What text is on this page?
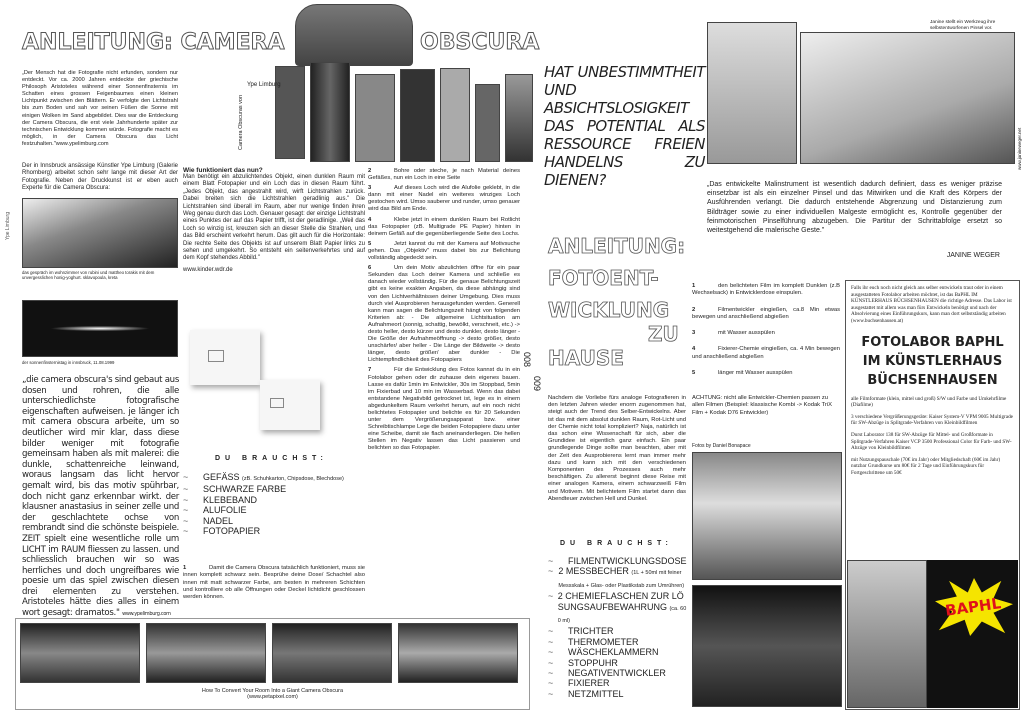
ANLEITUNG: CAMERA	OBSCURA
Camera Obscuras von
Ype Limburg
„Der Mensch hat die Fotografie nicht erfunden, sondern nur entdeckt. Vor ca. 2000 Jahren entdeckte der griechische Philosoph Aristoteles während einer Sonnenfinsternis im Schatten eines grossen Feigenbaumes einen kleinen Lichtpunkt zwischen den Blättern. Er verfolgte den Lichtstrahl bis zum Boden und sah vor seinen Füßen die Sonne mit einigen Wolken im Sand abgebildet. Dies war die Entdeckung der Camera Obscura, die erst viele Jahrhunderte später zur technischen Entwicklung kommen würde. Fotografie macht es möglich, in der Camera Obscura das Licht festzuhalten."www.ypelimburg.com
Der in Innsbruck ansässige Künstler Ype Limburg (Galerie Rhomberg) arbeitet schon sehr lange mit dieser Art der Fotografie. Neben der Druckkunst ist er eben auch Experte für die Camera Obscura:
Ype Limburg
das gespräch im wohnzimmer von rubini und mattheo torakis mit dem unvergesslichen honig-yoghurt. sklavopoula, kreta
der sonnenfinsternistag in innsbruck, 11.08.1999
„die camera obscura's sind gebaut aus dosen und rohren, die alle unterschiedlichste fotografische eigenschaften aufweisen. je länger ich mit camera obscura arbeite, um so deutlicher wird mir klar, dass diese bilder weniger mit fotografie gemeinsam haben als mit malerei: die dunkle, schattenreiche leinwand, woraus langsam das licht hervor gemalt wird, bis das motiv spührbar, doch nicht ganz erkennbar wirkt. der klausner anastasius in seiner zelle und der geschlachtete ochse von rembrandt sind die schönste beispiele. ZEIT spielt eine wesentliche rolle um LICHT im RAUM fliessen zu lassen. und schliesslich brauchen wir so was herrliches und doch ungreifbares wie poesie um das spiel zwischen diesen drei elementen zu verstehen. Aristoteles hätte dies alles in einem wort gesagt: dramatos." www.ypelimburg.com
Wie funktioniert das nun?
Man benötigt ein abzulichtendes Objekt, einen dunklen Raum mit einem Blatt Fotopapier und ein Loch das in diesen Raum führt. „Jedes Objekt, das angestrahlt wird, wirft Lichtstrahlen zurück. Dabei breiten sich die Lichtstrahlen geradlinig aus." Die Lichtstrahlen sind überall im Raum, aber nur wenige finden ihren Weg genau durch das Loch. Genauer gesagt: der einzige Lichtstrahl eines Punktes der auf das Papier trifft, ist der geradlinige. „Weil das Loch so winzig ist, kreuzen sich an dieser Stelle die Strahlen, und das Bild erscheint verkehrt herum. Das gilt auch für die Horizontale: Die rechte Seite des Objekts ist auf unserem Blatt Papier links zu sehen und umgekehrt. So entsteht ein seitenverkehrtes und auf dem Kopf stehendes Abbild."
www.kinder.wdr.de
DU BRAUCHST:
~	GEFÄSS (zB. Schuhkarton, Chipsdose, Blechdose)
~	SCHWARZE FARBE
~	KLEBEBAND
~	ALUFOLIE
~	NADEL
~	FOTOPAPIER
1	Damit die Camera Obscura tatsächlich funktioniert, muss sie innen komplett schwarz sein. Besprühe deine Dose/ Schachtel also innen mit matt schwarzer Farbe, am besten in mehreren Schichten und kontrolliere ob alle Öffnungen oder Deckel lichtdicht geschlossen werden können.
2	Bohre oder steche, je nach Material deines Gefäßes, nun ein Loch in eine Seite
3	Auf dieses Loch wird die Alufolie geklebt, in die dann mit einer Nadel ein weiteres winziges Loch gestochen wird. Umso sauberer und runder, umso genauer wird das Bild am Ende.
4	Klebe jetzt in einem dunklen Raum bei Rotlicht das Fotopapier (zB. Multigrade PE Papier) hinten in deinem Gefäß auf die gegenüberliegende Seite des Lochs.
5	Jetzt kannst du mit der Kamera auf Motivsuche gehen. Das „Objektiv" muss dabei bis zur Belichtung vollständig abgedeckt sein.
6	Um dein Motiv abzulichten öffne für ein paar Sekunden das Loch deiner Kamera und schließe es danach wieder vollständig. Für die genaue Belichtungszeit gibt es keine exakten Angaben, da diese abhängig sind von den Lichtverhältnissen deiner Umgebung. Dies muss durch viel Ausprobieren herausgefunden werden. Generell kann man sagen die Belichtungszeit hängt von folgenden Kriterien ab: - Die allgemeine Lichtsituation am Aufnahmeort (sonnig, schattig, bewölkt, verschneit, etc.) -> desto heller, desto kürzer und desto dunkler, desto länger - Die Größe der Aufnahmeöffnung -> desto größer, desto unschärfer/ aber heller - Die Länge der Bildweite -> desto länger, desto größer/ aber dunkler - Die Lichtempfindlichkeit des Fotopapiers
7	Für die Entwicklung des Fotos kannst du in ein Fotolabor gehen oder dir zuhause dein eigenes bauen. Lasse es dafür 1min im Entwickler, 30s im Stoppbad, 5min im Fixierbad und 10 min im Wasserbad. Wenn das dabei entstandene Negativbild getrocknet ist, lege es in einem abgedunkeltem Raum verkehrt herum, auf ein noch nicht belichtetes Fotopapier und belichte es für 20 Sekunden unter dem Vergrößerungsapparat bzw. einer Schreibtischlampe Lege die beiden Fotopapiere dazu unter eine Scheibe, damit sie flach aneinanderliegen. Die hellen Stellen im Negativ lassen das Licht passieren und belichten so das Fotopapier.
008
009
How To Convert Your Room Into a Giant Camera Obscura
(www.petapixel.com)
HAT UNBESTIMMTHEIT UND ABSICHTSLOSIGKEIT DAS POTENTIAL ALS RESSOURCE FREIEN HANDELNS ZU DIENEN?
Janine stellt ein Werkzeug ihre selbstentworfenen Pinsel vor.
www.janineweger.net
„Das entwickelte Malinstrument ist wesentlich dadurch definiert, dass es weniger präzise einsetzbar ist als ein einzelner Pinsel und das Mitwirken und die Kraft des Körpers der Ausführenden verlangt. Die dadurch entstehende Abgrenzung und Distanzierung zum Bildträger sowie zu einer individuellen Malgeste ermöglicht es, Kontrolle gegenüber der feinmotorischen Pinselführung abzugeben. Die Partitur der Schrittabfolge ersetzt so weitestgehend die malerische Geste."
JANINE WEGER
ANLEITUNG:
FOTOENT-
WICKLUNG
ZU
HAUSE
1	den belichteten Film im komplett Dunklen (z.B Wechselsack) in Entwicklerdose einspulen.
2	Filmentwickler eingießen, ca.8 Min etwas bewegen und anschließend abgießen
3	mit Wasser ausspülen
4	Fixierer-Chemie eingießen, ca. 4 Min bewegen und anschließend abgießen
5	länger mit Wasser ausspülen
Nachdem die Vorliebe fürs analoge Fotografieren in den letzten Jahren wieder enorm zugenommen hat, steigt auch der Trend des Selber-Entwickelns. Aber ist das mit dem absolut dunklen Raum, Rot-Licht und der Chemie nicht total kompliziert? Naja, natürlich ist das schon eine Wissenschaft für sich, aber die Grundidee ist eigentlich ganz einfach. Ein paar grundlegende Dinge sollte man beachten, aber mit der Zeit des Ausprobierens lernt man immer mehr dazu und kann sich mit den verschiedenen Komponenten des Prozesses auch mehr beschäftigen. Zu allererst beginnt diese Reise mit einer analogen Kamera, einem schwarzweiß Film und Motivem. Mit belichtetem Film startet dann das Abendteuer zwischen Hell und Dunkel.
ACHTUNG: nicht alle Entwickler-Chemien passen zu allen Filmen (Beispiel: klassische Kombi -> Kodak TriX Film + Kodak D76 Entwickler)
Fotos by Daniel Bonapace
DU BRAUCHST:
~	FILMENTWICKLUNGSDOSE
~ 2 MESSBECHER (1L + 50ml mit feiner Messskala + Glas- oder Plastikstab zum Umrühren)
~ 2 CHEMIEFLASCHEN ZUR LÖSUNGSAUFBEWAHRUNG (ca. 600 ml)
~	TRICHTER
~	THERMOMETER
~	WÄSCHEKLAMMERN
~	STOPPUHR
~	NEGATIVENTWICKLER
~	FIXIERER
~	NETZMITTEL
Falls ihr euch noch nicht gleich ans selber entwickeln traut oder in einem ausgestatteten Fotolabor arbeiten möchtet, ist das BaPHL IM KÜNSTLERHAUS BÜCHSENHAUSEN die richtige Adresse. Das Labor ist ausgestattet mit allem was man fürs Entwickeln benötigt und nach der Absolvierung eines Einführungskurs, kann man dort selbstständig arbeiten (www.buchsenhausen.at)
FOTOLABOR BAPHL
IM KÜNSTLERHAUS
BÜCHSENHAUSEN
alle Filmformate (klein, mittel und groß) S/W und Farbe und Umkehrfilme (Diafilme)
3 verschiedene Vergrößerungsgeräte: Kaiser System-V VPM 9005 Multigrade für SW-Abzüge in Splitgrade-Verfahren von Kleinbildfilmen
Durst Laborator 138 für SW-Abzüge für Mittel- und Großformate in Splitgrade-Verfahren Kaiser VCP 3500 Professional Color für Farb- und SW-Abzüge von Kleinbildfilmen
mit Nutzungspauschale (70€ im Jahr) oder Mitgliedschaft (60€ im Jahr) nutzbar Grundkurse um 80€ für 2 Tage und Einführungskurs für Fortgeschrittene um 50€
BAPHL
